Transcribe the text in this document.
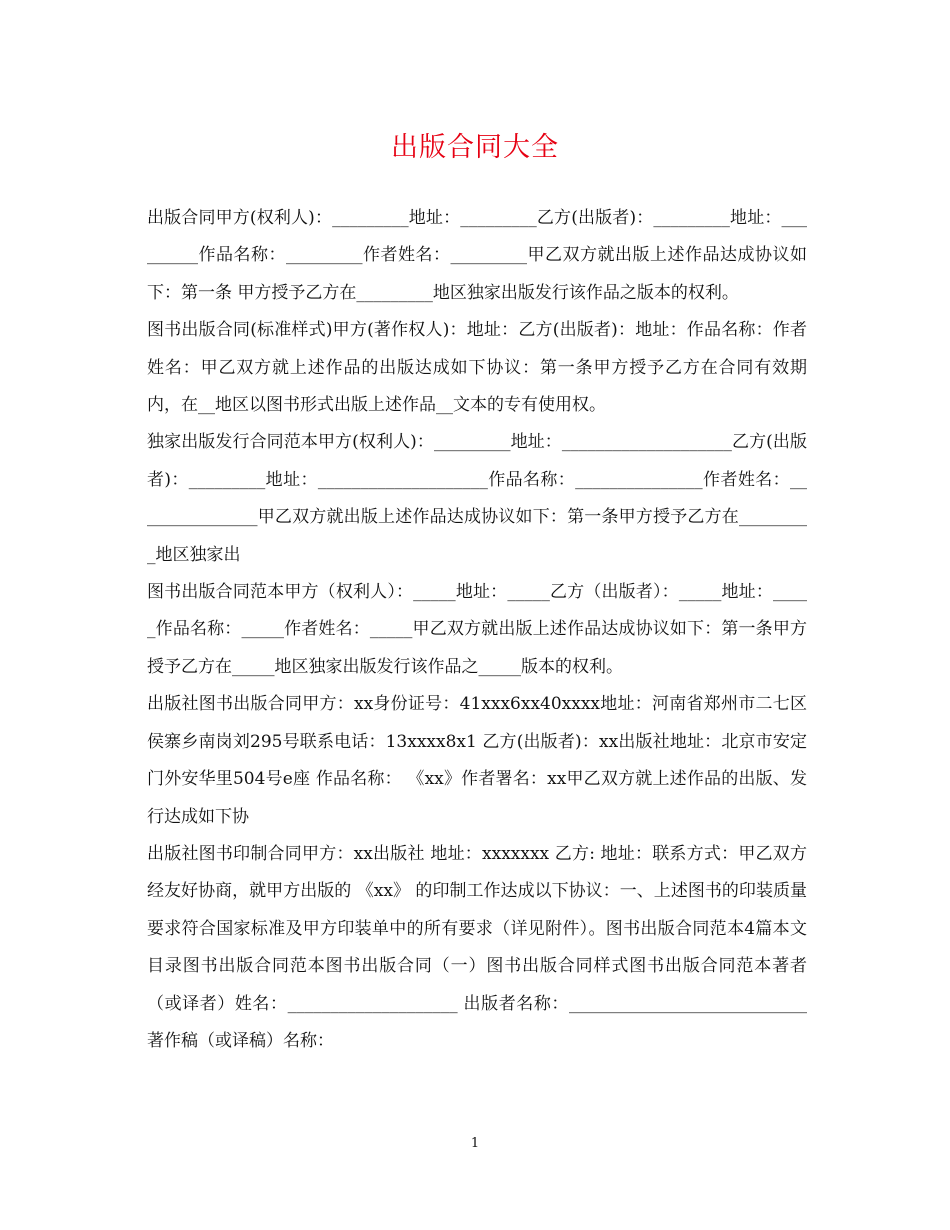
出版合同大全

出版合同甲方(权利人)：_________地址：_________乙方(出版者)：_________地址：_________作品名称：_________作者姓名：_________甲乙双方就出版上述作品达成协议如下：第一条 甲方授予乙方在_________地区独家出版发行该作品之版本的权利。

图书出版合同(标准样式)甲方(著作权人)：地址：乙方(出版者)：地址：作品名称：作者姓名：甲乙双方就上述作品的出版达成如下协议：第一条甲方授予乙方在合同有效期内，在__地区以图书形式出版上述作品__文本的专有使用权。

独家出版发行合同范本甲方(权利人)：_________地址：____________________乙方(出版者)：_________地址：____________________作品名称：_______________作者姓名：_______________甲乙双方就出版上述作品达成协议如下：第一条甲方授予乙方在_________地区独家出

图书出版合同范本甲方（权利人）：_____地址：_____乙方（出版者）：_____地址：_____作品名称：_____作者姓名：_____甲乙双方就出版上述作品达成协议如下：第一条甲方授予乙方在_____地区独家出版发行该作品之_____版本的权利。

出版社图书出版合同甲方：xx身份证号：41xxx6xx40xxxx地址：河南省郑州市二七区侯寨乡南岗刘295号联系电话：13xxxx8x1 乙方(出版者)：xx出版社地址：北京市安定门外安华里504号e座 作品名称： 《xx》作者署名：xx甲乙双方就上述作品的出版、发行达成如下协

出版社图书印制合同甲方：xx出版社 地址：xxxxxxx 乙方: 地址：联系方式：甲乙双方经友好协商，就甲方出版的 《xx》 的印制工作达成以下协议：一、上述图书的印装质量要求符合国家标准及甲方印装单中的所有要求（详见附件）。图书出版合同范本4篇本文目录图书出版合同范本图书出版合同（一）图书出版合同样式图书出版合同范本著者（或译者）姓名：____________________ 出版者名称：____________________________著作稿（或译稿）名称：

1
